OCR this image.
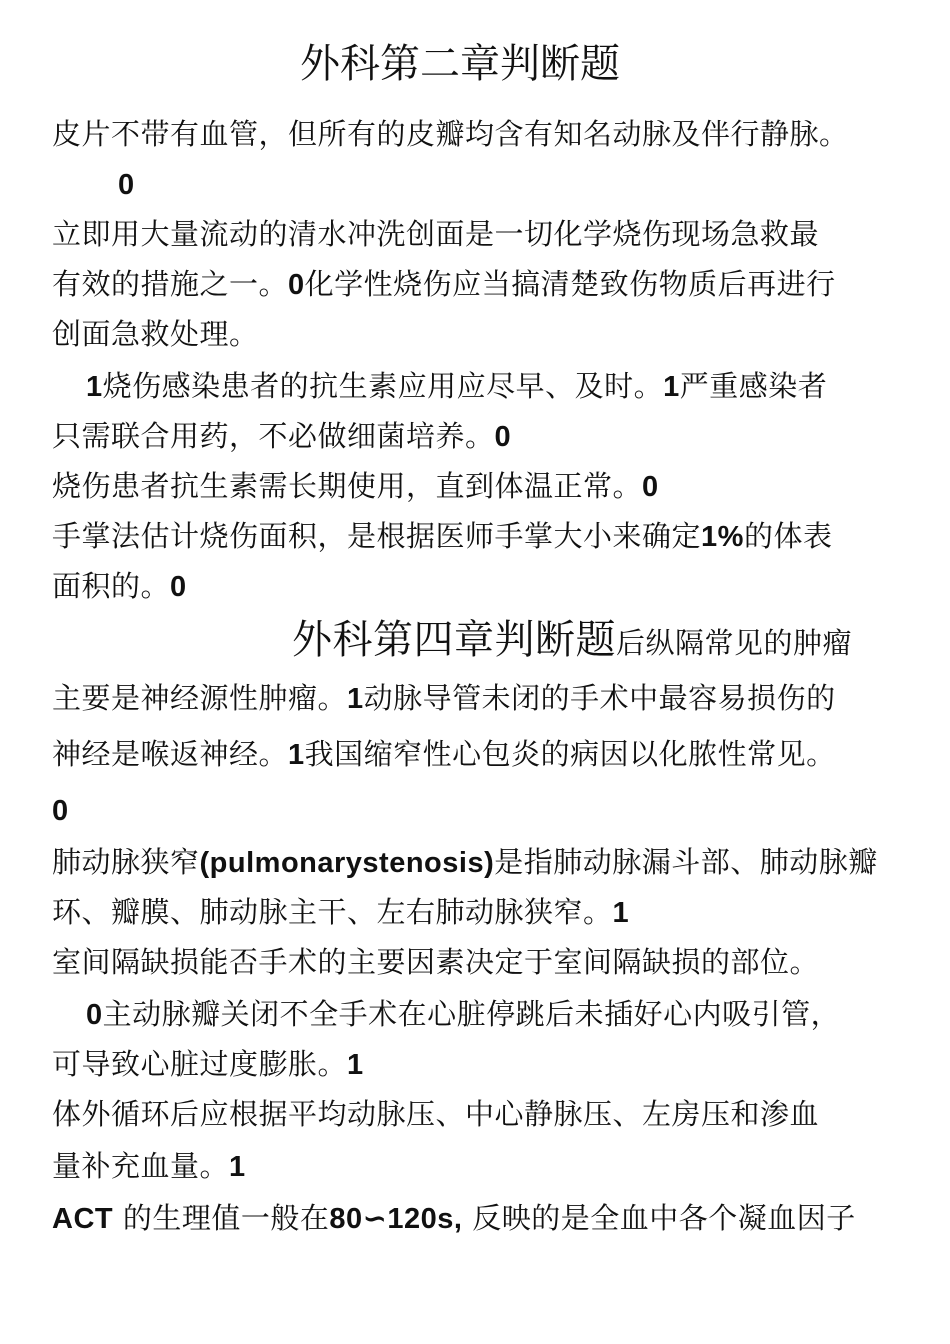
外科第二章判断题
皮片不带有血管，但所有的皮瓣均含有知名动脉及伴行静脉。
0
立即用大量流动的清水冲洗创面是一切化学烧伤现场急救最
有效的措施之一。0化学性烧伤应当搞清楚致伤物质后再进行
创面急救处理。
1烧伤感染患者的抗生素应用应尽早、及时。1严重感染者
只需联合用药，不必做细菌培养。0
烧伤患者抗生素需长期使用，直到体温正常。0
手掌法估计烧伤面积，是根据医师手掌大小来确定1%的体表
面积的。0
外科第四章判断题后纵隔常见的肿瘤
主要是神经源性肿瘤。1动脉导管未闭的手术中最容易损伤的
神经是喉返神经。1我国缩窄性心包炎的病因以化脓性常见。
0
肺动脉狭窄(pulmonarystenosis)是指肺动脉漏斗部、肺动脉瓣
环、瓣膜、肺动脉主干、左右肺动脉狭窄。1
室间隔缺损能否手术的主要因素决定于室间隔缺损的部位。
0主动脉瓣关闭不全手术在心脏停跳后未插好心内吸引管，
可导致心脏过度膨胀。1
体外循环后应根据平均动脉压、中心静脉压、左房压和渗血
量补充血量。1
ACT 的生理值一般在80∽120s, 反映的是全血中各个凝血因子
